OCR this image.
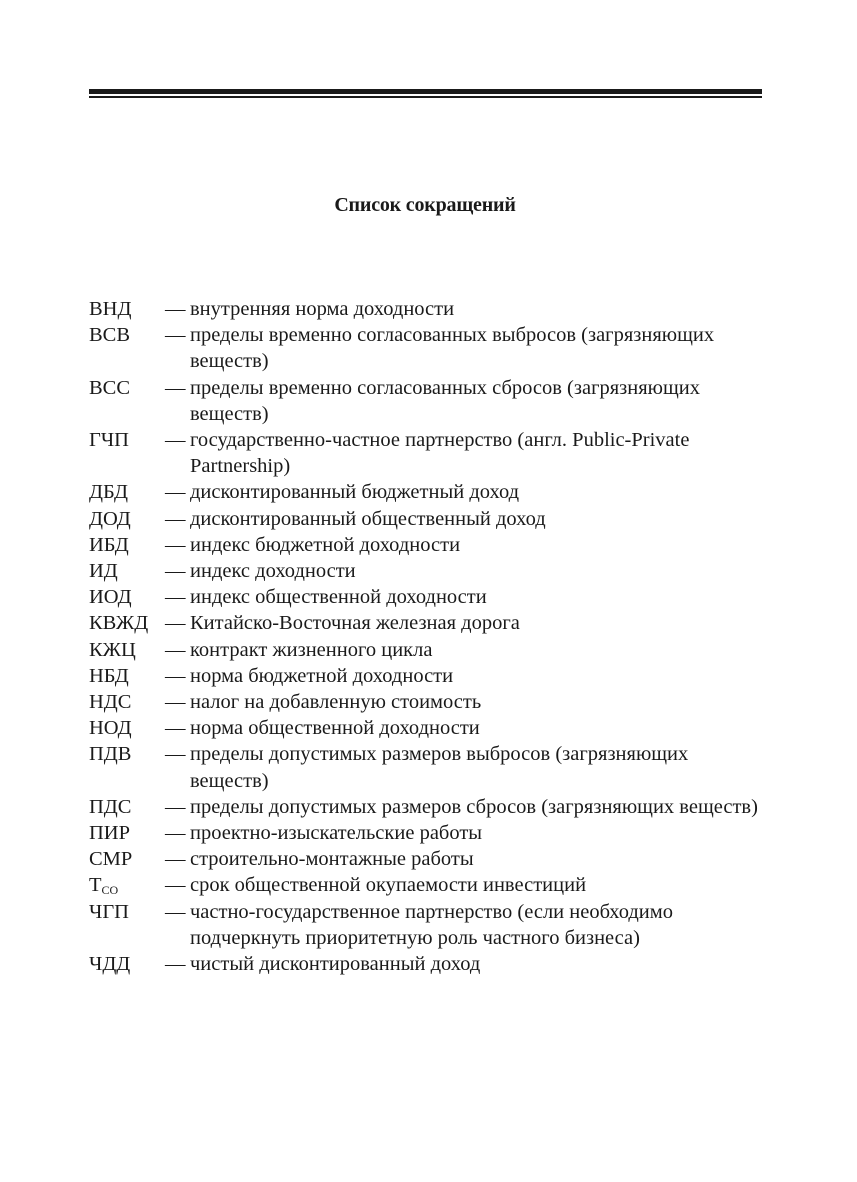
Список сокращений
ВНД — внутренняя норма доходности
ВСВ — пределы временно согласованных выбросов (загрязняющих веществ)
ВСС — пределы временно согласованных сбросов (загрязняющих веществ)
ГЧП — государственно-частное партнерство (англ. Public-Private Partnership)
ДБД — дисконтированный бюджетный доход
ДОД — дисконтированный общественный доход
ИБД — индекс бюджетной доходности
ИД — индекс доходности
ИОД — индекс общественной доходности
КВЖД — Китайско-Восточная железная дорога
КЖЦ — контракт жизненного цикла
НБД — норма бюджетной доходности
НДС — налог на добавленную стоимость
НОД — норма общественной доходности
ПДВ — пределы допустимых размеров выбросов (загрязняющих веществ)
ПДС — пределы допустимых размеров сбросов (загрязняющих веществ)
ПИР — проектно-изыскательские работы
СМР — строительно-монтажные работы
$Т_{СО}$ — срок общественной окупаемости инвестиций
ЧГП — частно-государственное партнерство (если необходимо подчеркнуть приоритетную роль частного бизнеса)
ЧДД — чистый дисконтированный доход
